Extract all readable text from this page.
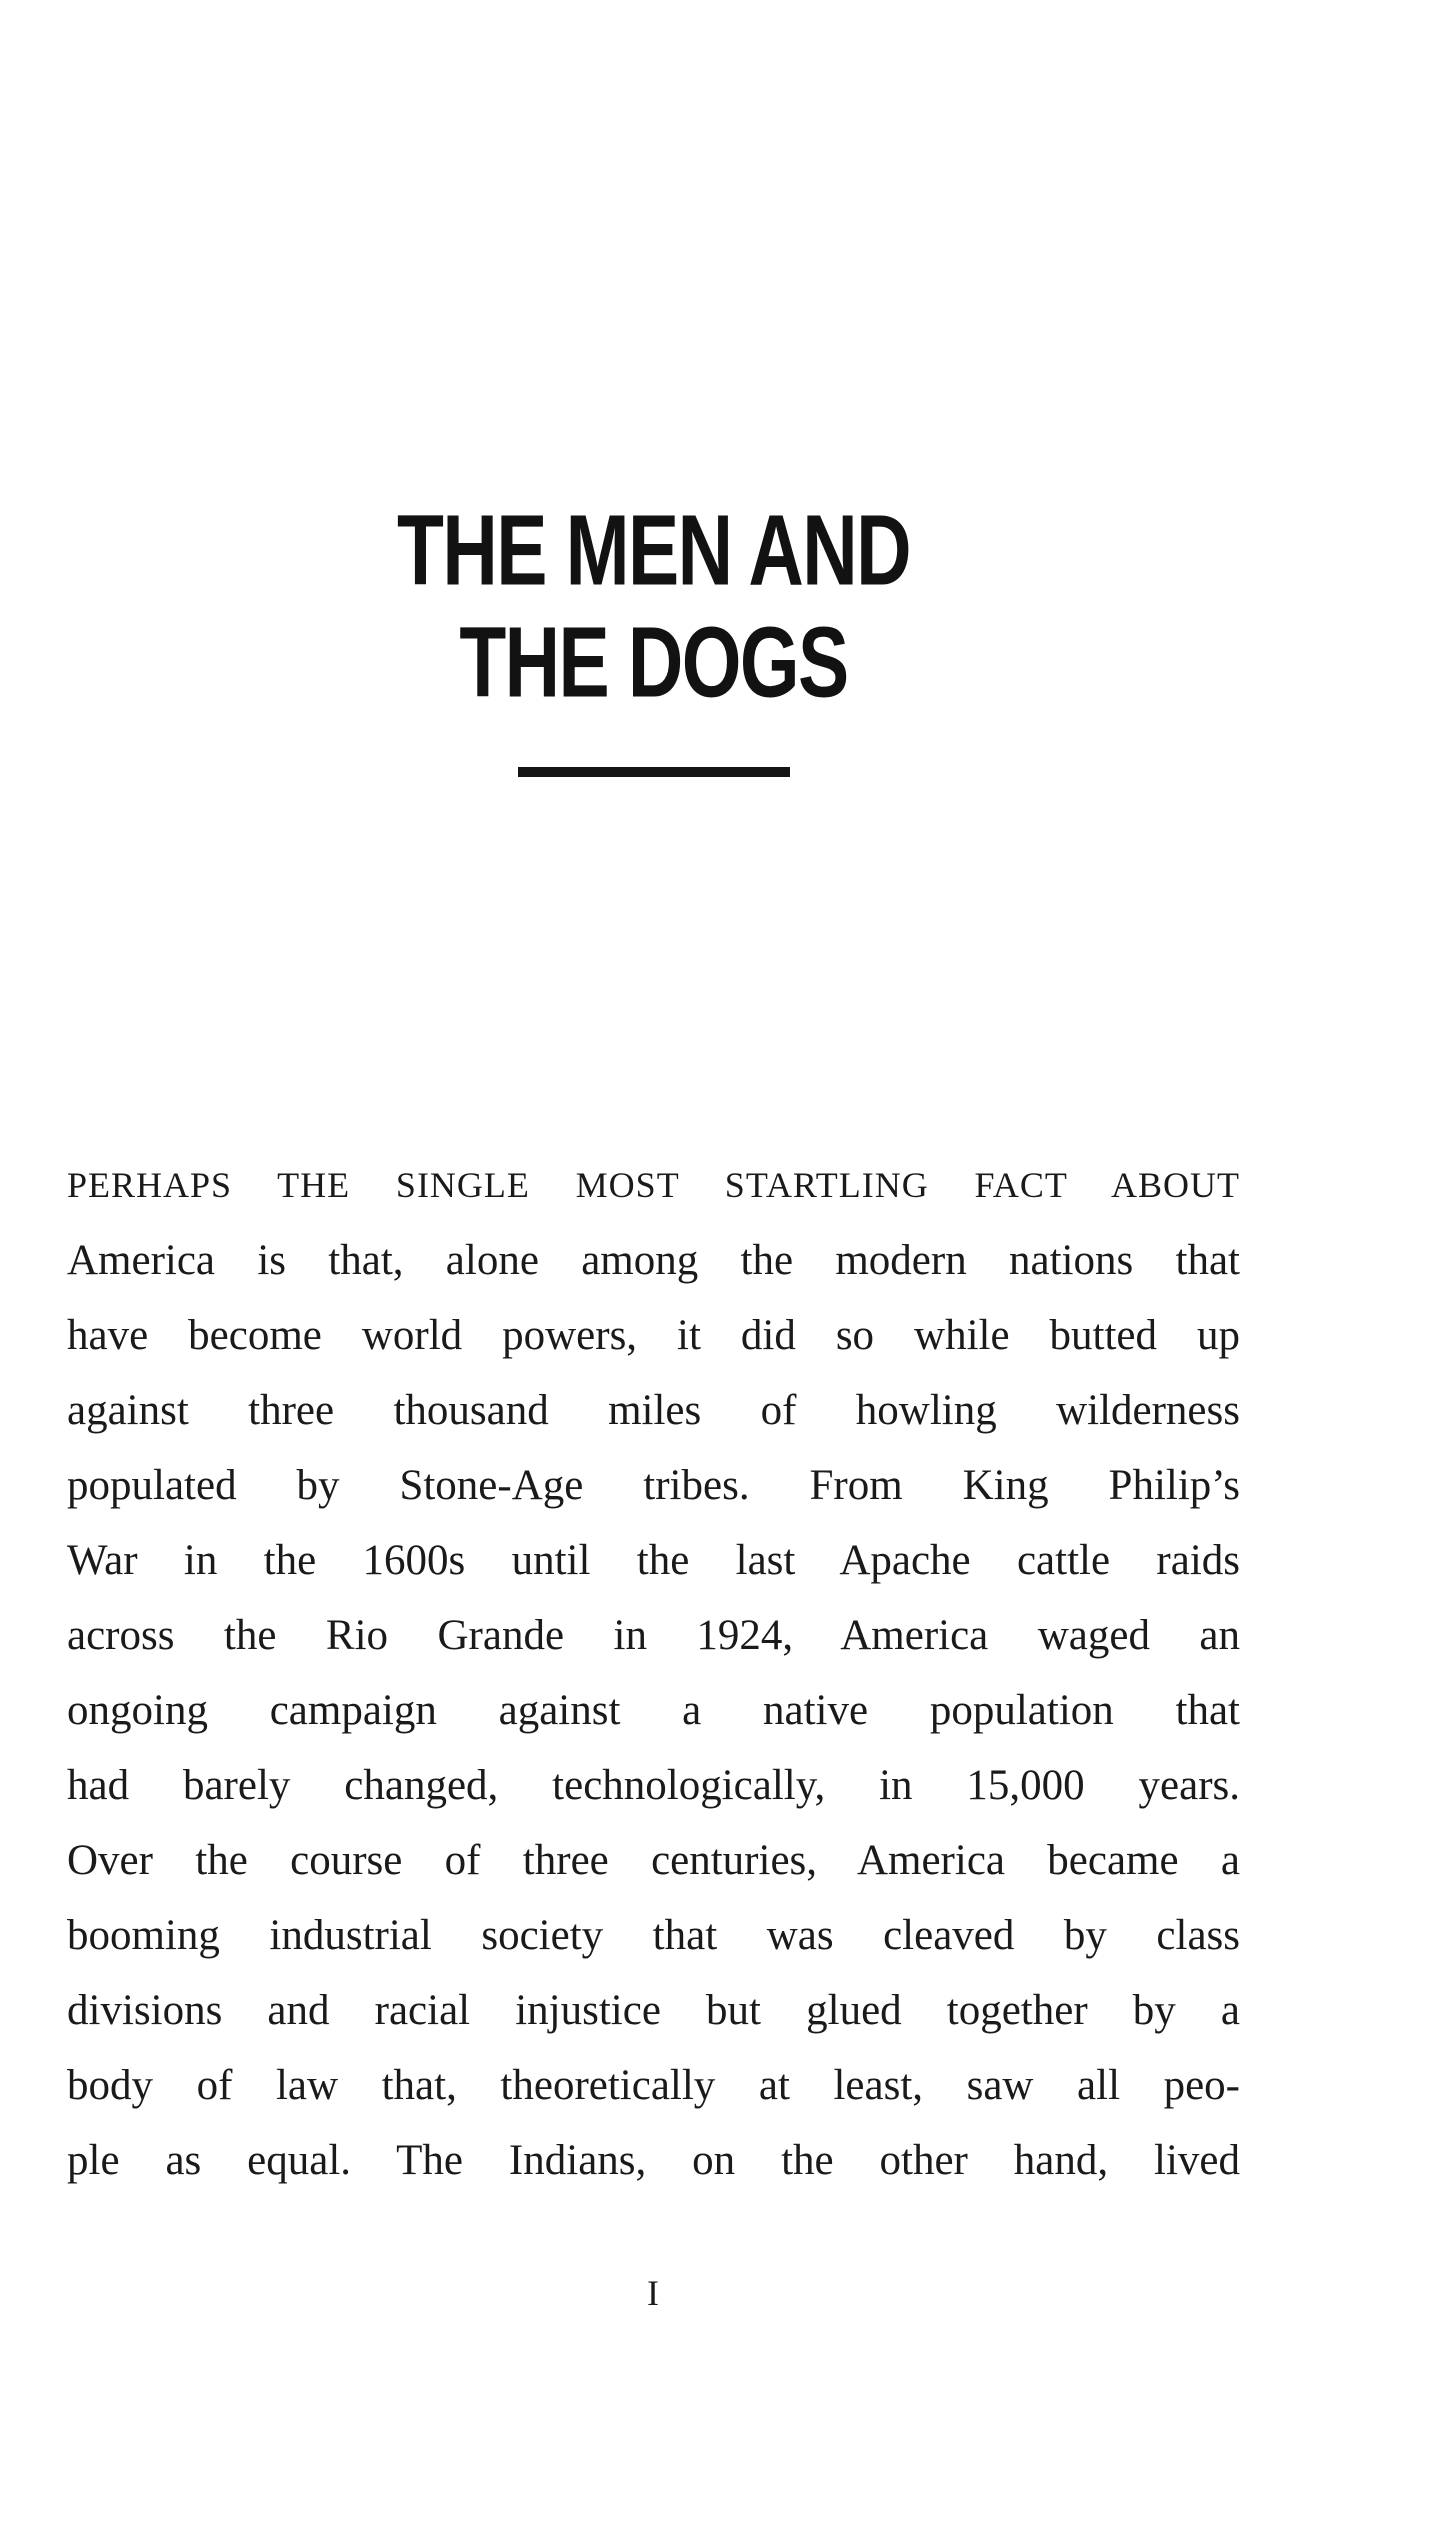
THE MEN AND
THE DOGS
PERHAPS THE SINGLE MOST STARTLING FACT ABOUT
America is that, alone among the modern nations that
have become world powers, it did so while butted up
against three thousand miles of howling wilderness
populated by Stone-Age tribes. From King Philip’s
War in the 1600s until the last Apache cattle raids
across the Rio Grande in 1924, America waged an
ongoing campaign against a native population that
had barely changed, technologically, in 15,000 years.
Over the course of three centuries, America became a
booming industrial society that was cleaved by class
divisions and racial injustice but glued together by a
body of law that, theoretically at least, saw all peo-
ple as equal. The Indians, on the other hand, lived
I
